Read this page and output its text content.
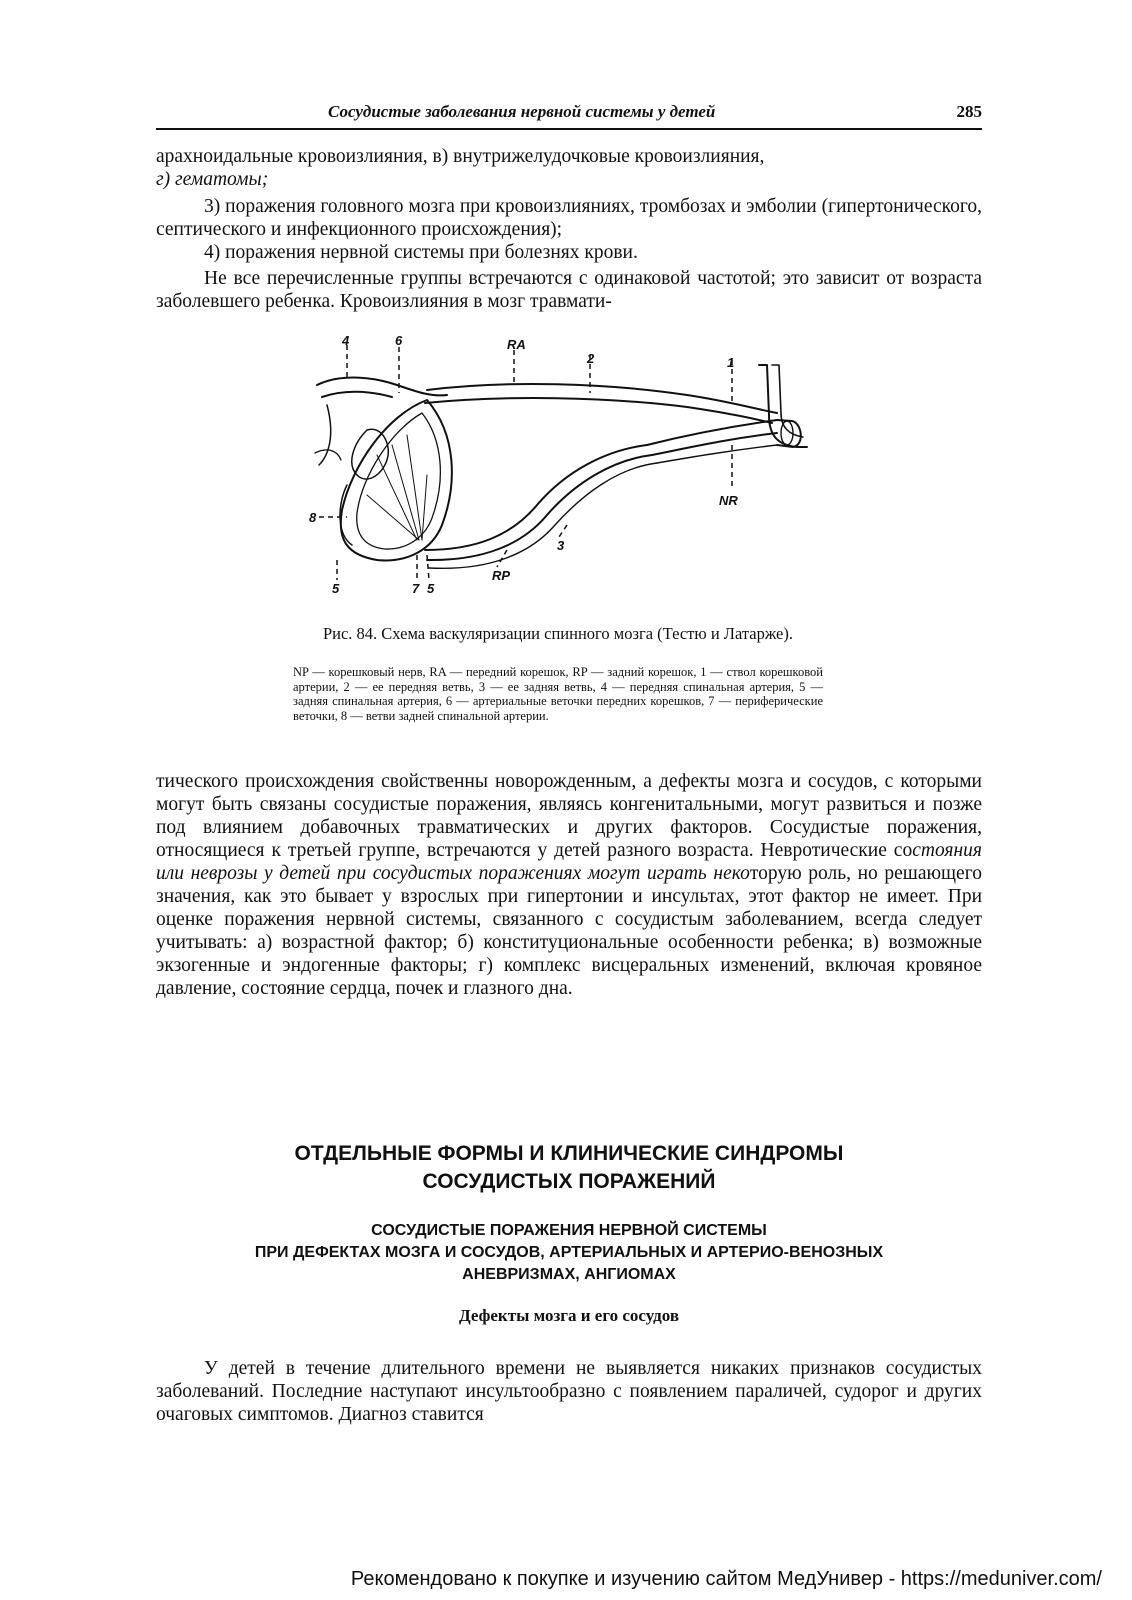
Сосудистые заболевания нервной системы у детей	285

арахноидальные кровоизлияния, в) внутрижелудочковые кровоизлияния,
г) гематомы;

3) поражения головного мозга при кровоизлияниях, тромбозах и эмболии (гипертонического, септического и инфекционного происхождения);

4) поражения нервной системы при болезнях крови.

Не все перечисленные группы встречаются с одинаковой частотой; это зависит от возраста заболевшего ребенка. Кровоизлияния в мозг травмати-

4	6	RA
2	1
8
NR
3
5	7 5
RP

Рис. 84. Схема васкуляризации спинного мозга (Тестю и Латарже).

NP — корешковый нерв, RA — передний корешок, RP — задний корешок, 1 — ствол корешковой артерии, 2 — ее передняя ветвь, 3 — ее задняя ветвь, 4 — передняя спинальная артерия, 5 — задняя спинальная артерия, 6 — артериальные веточки передних корешков, 7 — периферические веточки, 8 — ветви задней спинальной артерии.

тического происхождения свойственны новорожденным, а дефекты мозга и сосудов, с которыми могут быть связаны сосудистые поражения, являясь конгенитальными, могут развиться и позже под влиянием добавочных травматических и других факторов. Сосудистые поражения, относящиеся к третьей группе, встречаются у детей разного возраста. Невротические состояния или неврозы у детей при сосудистых поражениях могут играть некоторую роль, но решающего значения, как это бывает у взрослых при гипертонии и инсультах, этот фактор не имеет. При оценке поражения нервной системы, связанного с сосудистым заболеванием, всегда следует учитывать: а) возрастной фактор; б) конституциональные особенности ребенка; в) возможные экзогенные и эндогенные факторы; г) комплекс висцеральных изменений, включая кровяное давление, состояние сердца, почек и глазного дна.

ОТДЕЛЬНЫЕ ФОРМЫ И КЛИНИЧЕСКИЕ СИНДРОМЫ
СОСУДИСТЫХ ПОРАЖЕНИЙ
СОСУДИСТЫЕ ПОРАЖЕНИЯ НЕРВНОЙ СИСТЕМЫ
ПРИ ДЕФЕКТАХ МОЗГА И СОСУДОВ, АРТЕРИАЛЬНЫХ И АРТЕРИО-ВЕНОЗНЫХ
АНЕВРИЗМАХ, АНГИОМАХ
Дефекты мозга и его сосудов

У детей в течение длительного времени не выявляется никаких признаков сосудистых заболеваний. Последние наступают инсультообразно с появлением параличей, судорог и других очаговых симптомов. Диагноз ставится

Рекомендовано к покупке и изучению сайтом МедУнивер - https://meduniver.com/
